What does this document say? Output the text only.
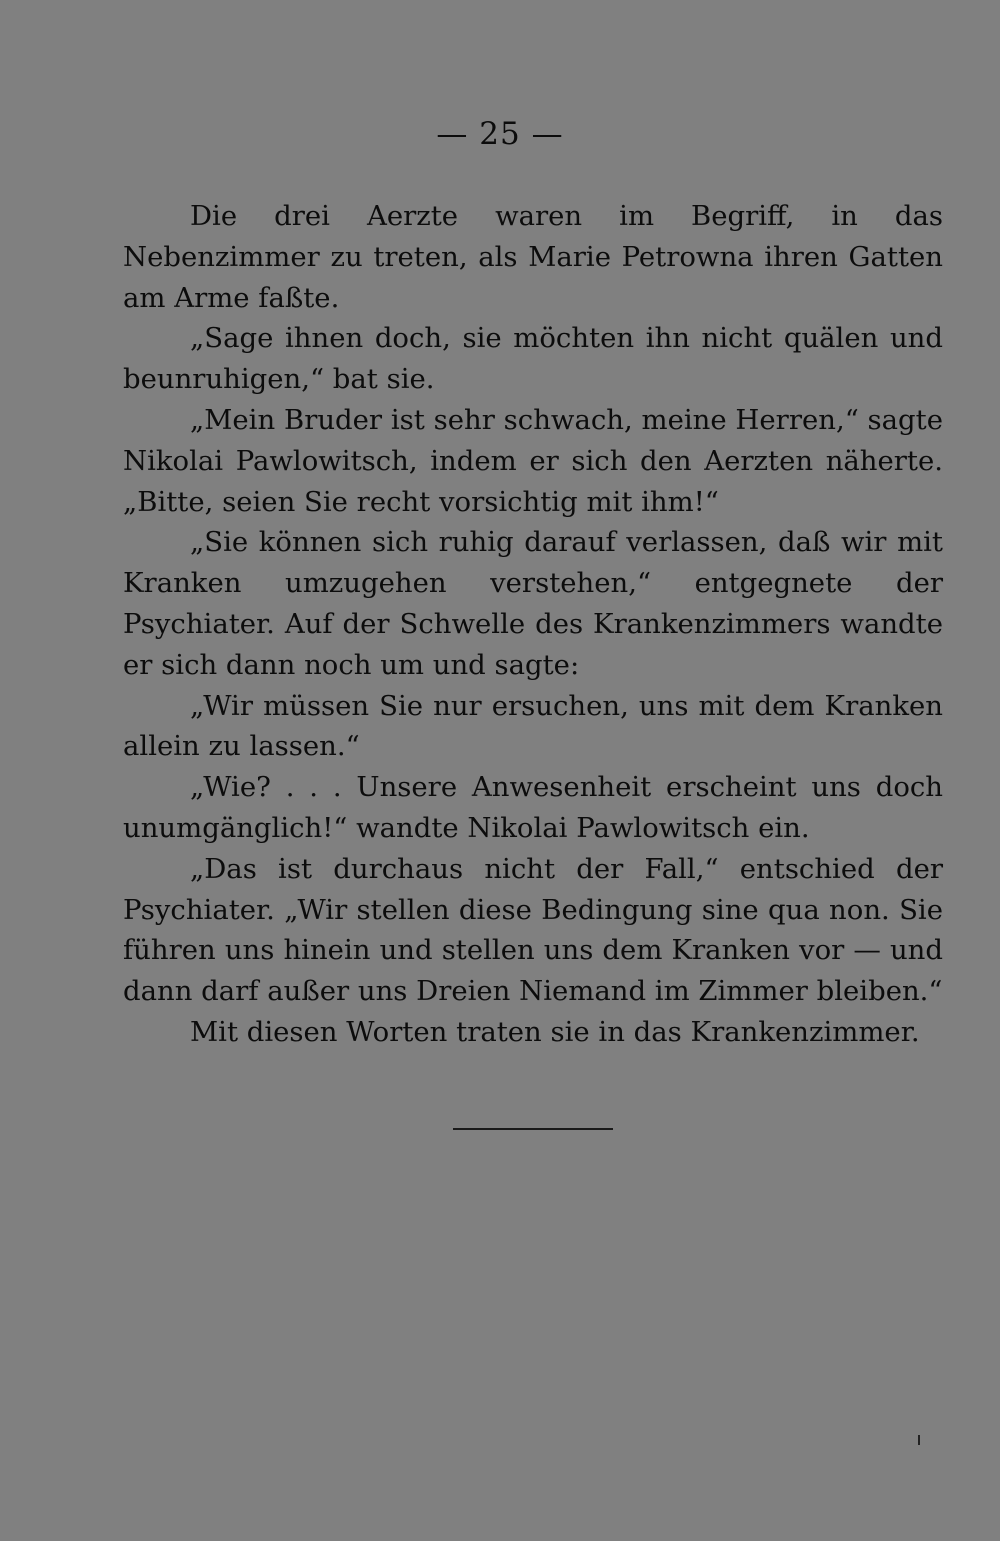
— 25 —

Die drei Aerzte waren im Begriff, in das Nebenzimmer zu treten, als Marie Petrowna ihren Gatten am Arme faßte.

„Sage ihnen doch, sie möchten ihn nicht quälen und beunruhigen,“ bat sie.

„Mein Bruder ist sehr schwach, meine Herren,“ sagte Nikolai Pawlowitsch, indem er sich den Aerzten näherte. „Bitte, seien Sie recht vorsichtig mit ihm!“

„Sie können sich ruhig darauf verlassen, daß wir mit Kranken umzugehen verstehen,“ entgegnete der Psychiater. Auf der Schwelle des Krankenzimmers wandte er sich dann noch um und sagte:

„Wir müssen Sie nur ersuchen, uns mit dem Kranken allein zu lassen.“

„Wie? . . . Unsere Anwesenheit erscheint uns doch unumgänglich!“ wandte Nikolai Pawlowitsch ein.

„Das ist durchaus nicht der Fall,“ entschied der Psychiater. „Wir stellen diese Bedingung sine qua non. Sie führen uns hinein und stellen uns dem Kranken vor — und dann darf außer uns Dreien Niemand im Zimmer bleiben.“

Mit diesen Worten traten sie in das Krankenzimmer.
